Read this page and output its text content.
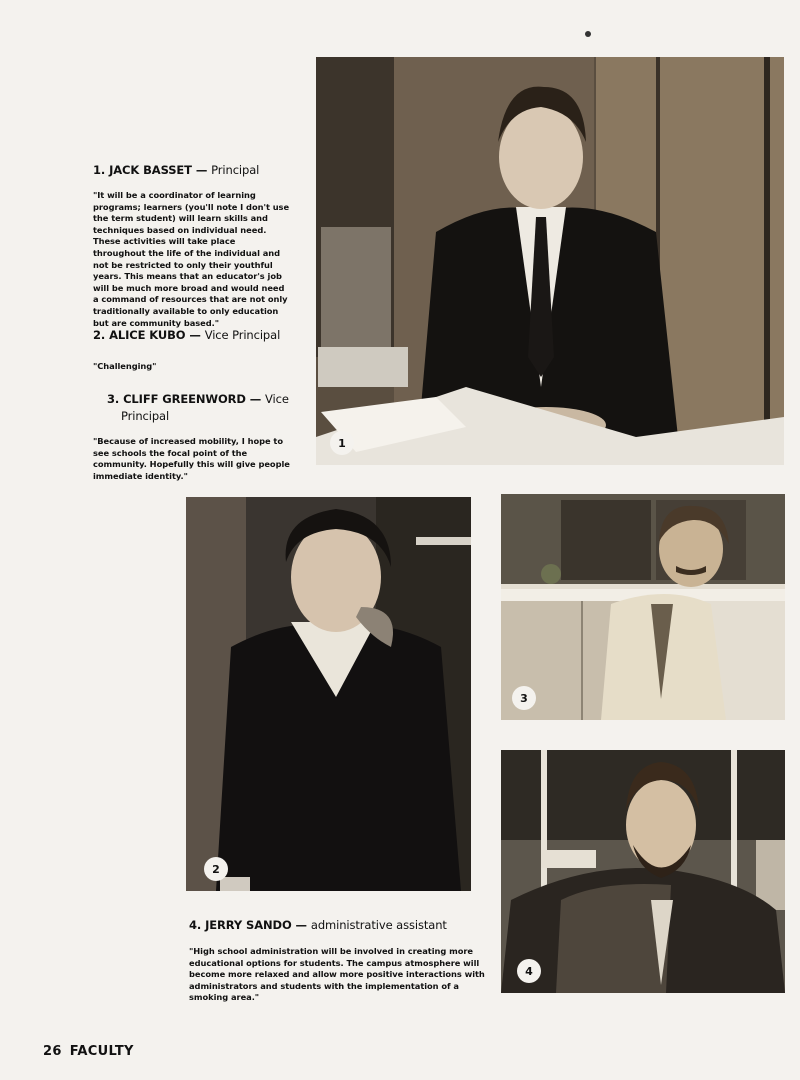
1. JACK BASSET — Principal
"It will be a coordinator of learning programs; learners (you'll note I don't use the term student) will learn skills and techniques based on individual need. These activities will take place throughout the life of the individual and not be restricted to only their youthful years. This means that an educator's job will be much more broad and would need a command of resources that are not only traditionally available to only education but are community based."
2. ALICE KUBO — Vice Principal
"Challenging"
3. CLIFF GREENWORD — Vice Principal
"Because of increased mobility, I hope to see schools the focal point of the community. Hopefully this will give people immediate identity."
4. JERRY SANDO — administrative assistant
"High school administration will be involved in creating more educational options for students. The campus atmosphere will become more relaxed and allow more positive interactions with administrators and students with the implementation of a smoking area."
1
2
3
4
26 FACULTY
